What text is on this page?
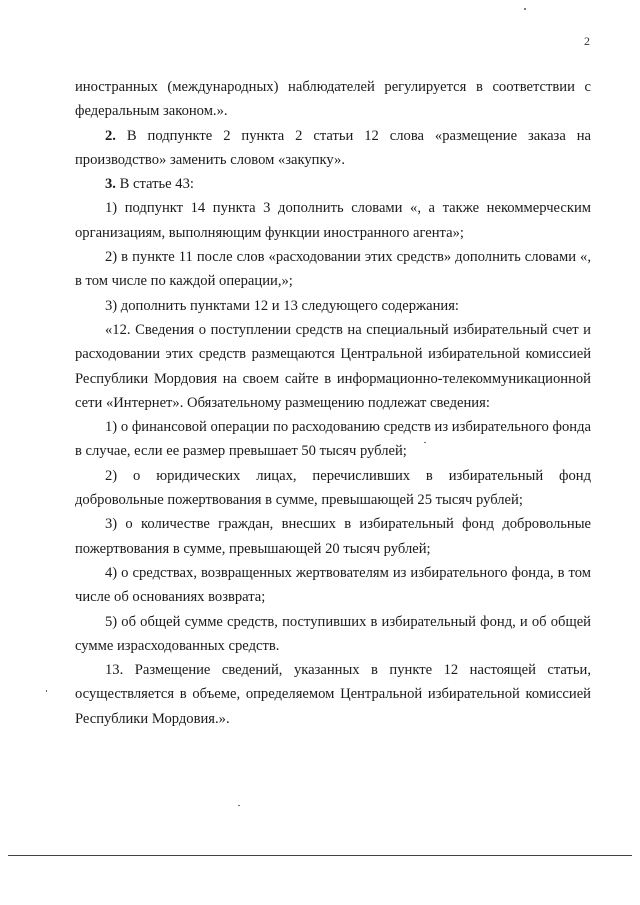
2

иностранных (международных) наблюдателей регулируется в соответствии с федеральным законом.».

2. В подпункте 2 пункта 2 статьи 12 слова «размещение заказа на производство» заменить словом «закупку».

3. В статье 43:

1) подпункт 14 пункта 3 дополнить словами «, а также некоммерческим организациям, выполняющим функции иностранного агента»;

2) в пункте 11 после слов «расходовании этих средств» дополнить словами «, в том числе по каждой операции,»;

3) дополнить пунктами 12 и 13 следующего содержания:

«12. Сведения о поступлении средств на специальный избирательный счет и расходовании этих средств размещаются Центральной избирательной комиссией Республики Мордовия на своем сайте в информационно-телекоммуникационной сети «Интернет». Обязательному размещению подлежат сведения:

1) о финансовой операции по расходованию средств из избирательного фонда в случае, если ее размер превышает 50 тысяч рублей;

2) о юридических лицах, перечисливших в избирательный фонд добровольные пожертвования в сумме, превышающей 25 тысяч рублей;

3) о количестве граждан, внесших в избирательный фонд добровольные пожертвования в сумме, превышающей 20 тысяч рублей;

4) о средствах, возвращенных жертвователям из избирательного фонда, в том числе об основаниях возврата;

5) об общей сумме средств, поступивших в избирательный фонд, и об общей сумме израсходованных средств.

13. Размещение сведений, указанных в пункте 12 настоящей статьи, осуществляется в объеме, определяемом Центральной избирательной комиссией Республики Мордовия.».
